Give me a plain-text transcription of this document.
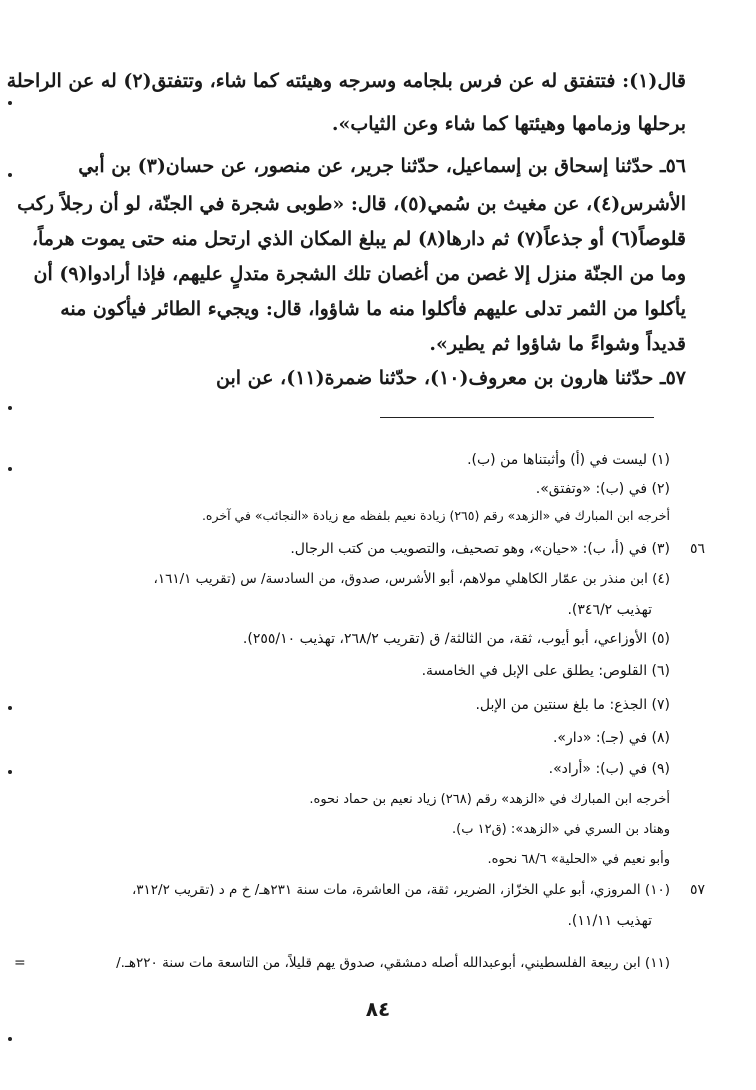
قال(١): فتتفتق له عن فرس بلجامه وسرجه وهيئته كما شاء، وتتفتق(٢) له عن الراحلة
برحلها وزمامها وهيئتها كما شاء وعن الثياب».
٥٦ـ حدّثنا إسحاق بن إسماعيل، حدّثنا جرير، عن منصور، عن حسان(٣) بن أبي
الأشرس(٤)، عن مغيث بن سُمي(٥)، قال: «طوبى شجرة في الجنّة، لو أن رجلاً ركب
قلوصاً(٦) أو جذعاً(٧) ثم دارها(٨) لم يبلغ المكان الذي ارتحل منه حتى يموت هرماً،
وما من الجنّة منزل إلا غصن من أغصان تلك الشجرة متدلٍ عليهم، فإذا أرادوا(٩) أن
يأكلوا من الثمر تدلى عليهم فأكلوا منه ما شاؤوا، قال: ويجيء الطائر فيأكون منه
قديداً وشواءً ما شاؤوا ثم يطير».
٥٧ـ حدّثنا هارون بن معروف(١٠)، حدّثنا ضمرة(١١)، عن ابن
(١) ليست في (أ) وأثبتناها من (ب).
(٢) في (ب): «وتفتق».
أخرجه ابن المبارك في «الزهد» رقم (٢٦٥) زيادة نعيم بلفظه مع زيادة «النجائب» في آخره.
(٣) في (أ، ب): «حيان»، وهو تصحيف، والتصويب من كتب الرجال.
(٤) ابن منذر بن عمّار الكاهلي مولاهم، أبو الأشرس، صدوق، من السادسة/ س (تقريب ١٦١/١،
تهذيب ٣٤٦/٢).
(٥) الأوزاعي، أبو أيوب، ثقة، من الثالثة/ ق (تقريب ٢٦٨/٢، تهذيب ٢٥٥/١٠).
(٦) القلوص: يطلق على الإبل في الخامسة.
(٧) الجذع: ما بلغ سنتين من الإبل.
(٨) في (جـ): «دار».
(٩) في (ب): «أراد».
أخرجه ابن المبارك في «الزهد» رقم (٢٦٨) زياد نعيم بن حماد نحوه.
وهناد بن السري في «الزهد»: (ق١٢ ب).
وأبو نعيم في «الحلية» ٦٨/٦ نحوه.
(١٠) المروزي، أبو علي الخزّاز، الضرير، ثقة، من العاشرة، مات سنة ٢٣١هـ/ خ م د (تقريب ٣١٢/٢،
تهذيب ١١/١١).
(١١) ابن ربيعة الفلسطيني، أبوعبدالله أصله دمشقي، صدوق يهم قليلاً، من التاسعة مات سنة ٢٢٠هـ./
٥٦
٥٧
=
٨٤
